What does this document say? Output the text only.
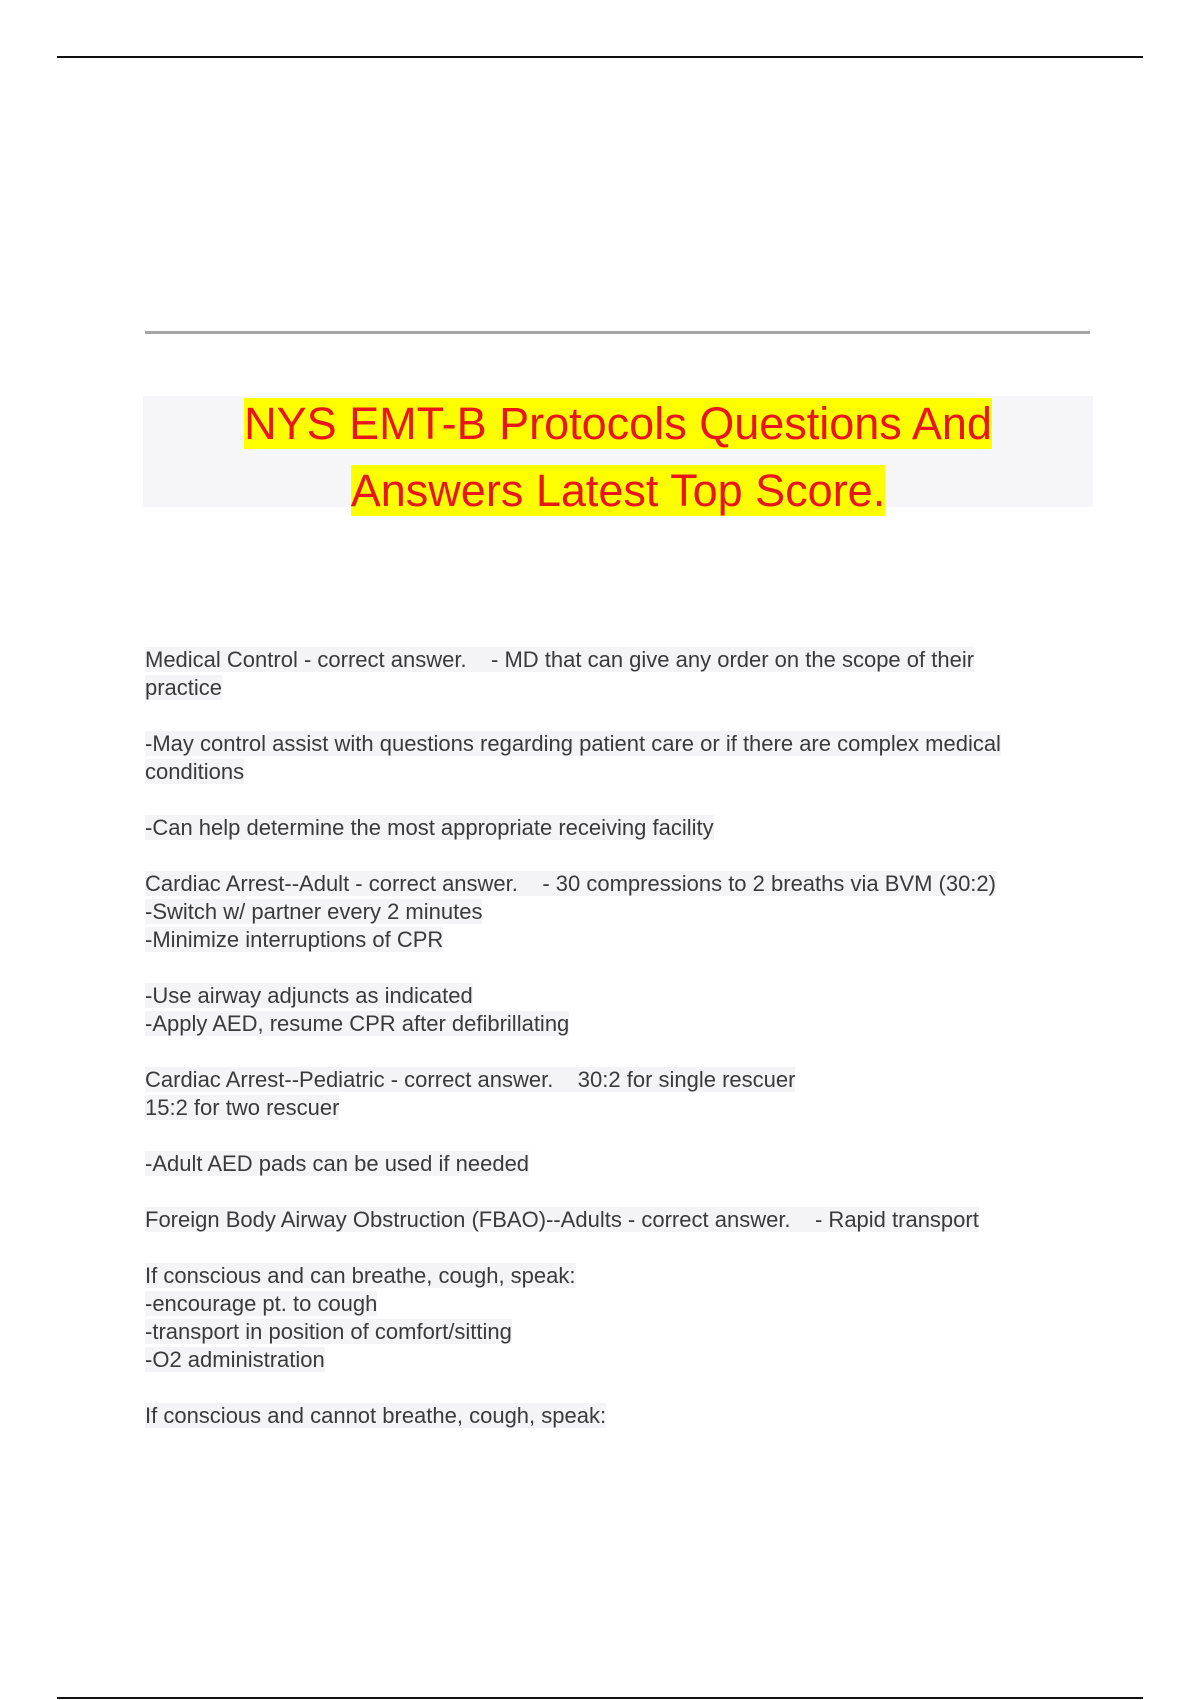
NYS EMT-B Protocols Questions And
Answers Latest Top Score.
Medical Control - correct answer.    - MD that can give any order on the scope of their
practice
-May control assist with questions regarding patient care or if there are complex medical
conditions
-Can help determine the most appropriate receiving facility
Cardiac Arrest--Adult - correct answer.    - 30 compressions to 2 breaths via BVM (30:2)
-Switch w/ partner every 2 minutes
-Minimize interruptions of CPR
-Use airway adjuncts as indicated
-Apply AED, resume CPR after defibrillating
Cardiac Arrest--Pediatric - correct answer.    30:2 for single rescuer
15:2 for two rescuer
-Adult AED pads can be used if needed
Foreign Body Airway Obstruction (FBAO)--Adults - correct answer.    - Rapid transport
If conscious and can breathe, cough, speak:
-encourage pt. to cough
-transport in position of comfort/sitting
-O2 administration
If conscious and cannot breathe, cough, speak:
